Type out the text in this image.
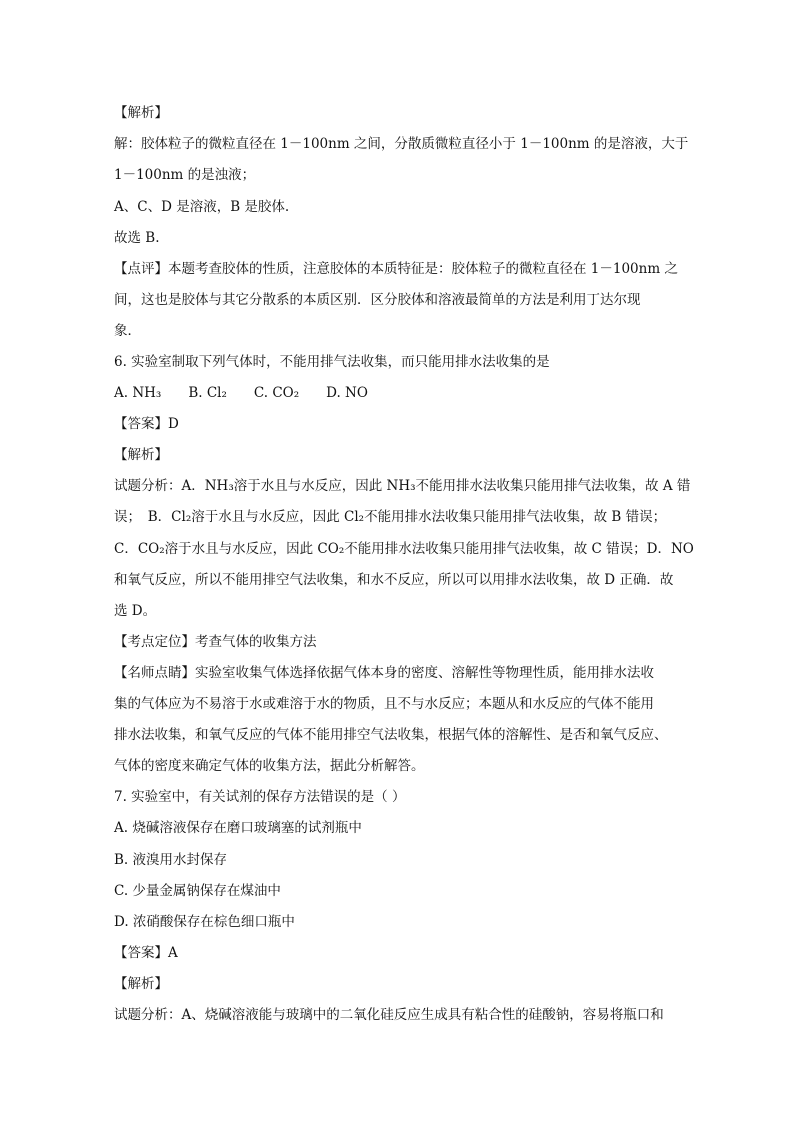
【解析】
解：胶体粒子的微粒直径在 1－100nm 之间，分散质微粒直径小于 1－100nm 的是溶液，大于
1－100nm 的是浊液；
A、C、D 是溶液，B 是胶体.
故选 B.
【点评】本题考查胶体的性质，注意胶体的本质特征是：胶体粒子的微粒直径在 1－100nm 之
间，这也是胶体与其它分散系的本质区别．区分胶体和溶液最简单的方法是利用丁达尔现
象．
6. 实验室制取下列气体时，不能用排气法收集，而只能用排水法收集的是
A. NH₃　　B. Cl₂　　C. CO₂　　D. NO
【答案】D
【解析】
试题分析：A．NH₃溶于水且与水反应，因此 NH₃不能用排水法收集只能用排气法收集，故 A 错
误；　B．Cl₂溶于水且与水反应，因此 Cl₂不能用排水法收集只能用排气法收集，故 B 错误；
C．CO₂溶于水且与水反应，因此 CO₂不能用排水法收集只能用排气法收集，故 C 错误；D．NO
和氧气反应，所以不能用排空气法收集，和水不反应，所以可以用排水法收集，故 D 正确．故
选 D。
【考点定位】考查气体的收集方法
【名师点睛】实验室收集气体选择依据气体本身的密度、溶解性等物理性质，能用排水法收
集的气体应为不易溶于水或难溶于水的物质，且不与水反应；本题从和水反应的气体不能用
排水法收集，和氧气反应的气体不能用排空气法收集，根据气体的溶解性、是否和氧气反应、
气体的密度来确定气体的收集方法，据此分析解答。
7. 实验室中，有关试剂的保存方法错误的是（ ）
A. 烧碱溶液保存在磨口玻璃塞的试剂瓶中
B. 液溴用水封保存
C. 少量金属钠保存在煤油中
D. 浓硝酸保存在棕色细口瓶中
【答案】A
【解析】
试题分析：A、烧碱溶液能与玻璃中的二氧化硅反应生成具有粘合性的硅酸钠，容易将瓶口和
